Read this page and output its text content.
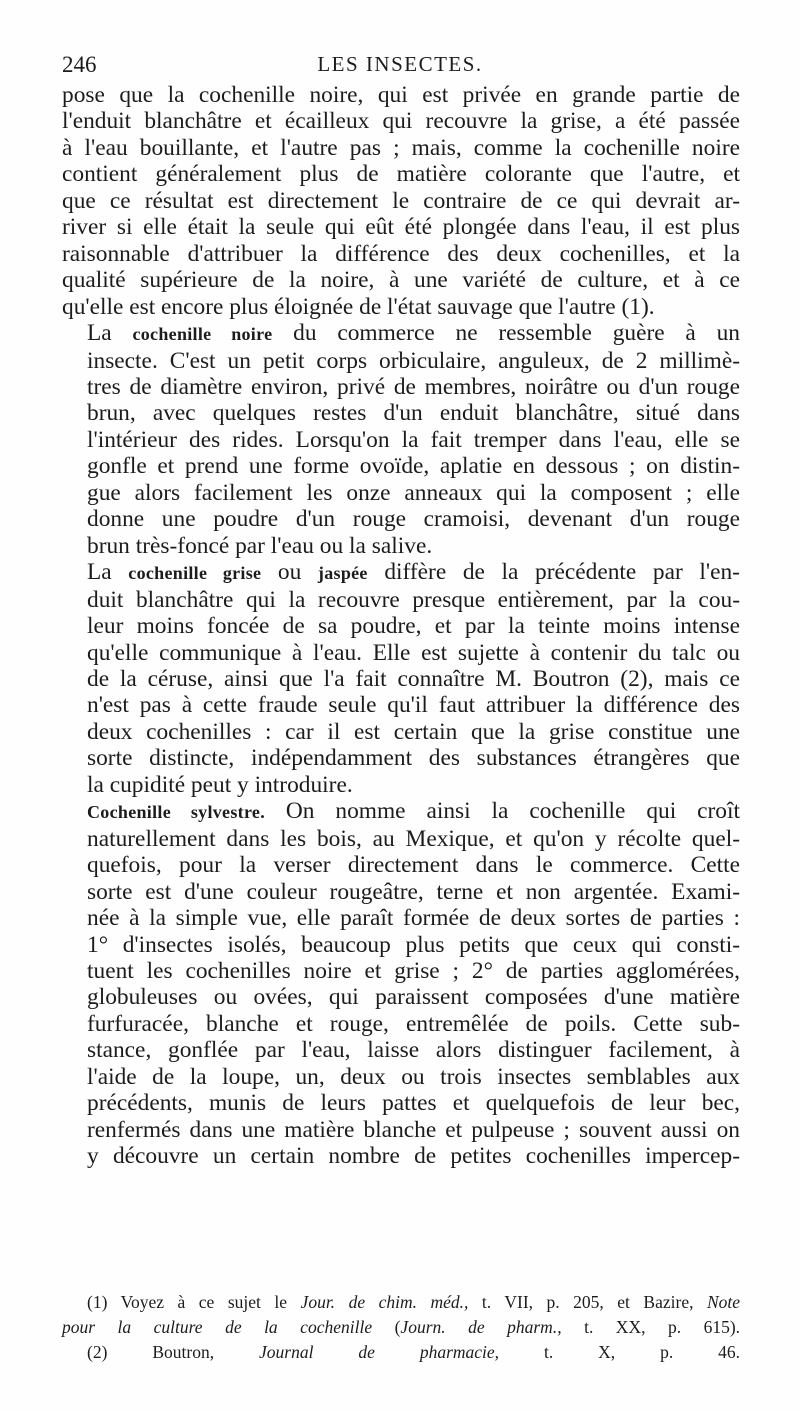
246	LES INSECTES.

pose que la cochenille noire, qui est privée en grande partie de
l'enduit blanchâtre et écailleux qui recouvre la grise, a été passée
à l'eau bouillante, et l'autre pas ; mais, comme la cochenille noire
contient généralement plus de matière colorante que l'autre, et
que ce résultat est directement le contraire de ce qui devrait ar-
river si elle était la seule qui eût été plongée dans l'eau, il est plus
raisonnable d'attribuer la différence des deux cochenilles, et la
qualité supérieure de la noire, à une variété de culture, et à ce
qu'elle est encore plus éloignée de l'état sauvage que l'autre (1).

La cochenille noire du commerce ne ressemble guère à un
insecte. C'est un petit corps orbiculaire, anguleux, de 2 millimè-
tres de diamètre environ, privé de membres, noirâtre ou d'un rouge
brun, avec quelques restes d'un enduit blanchâtre, situé dans
l'intérieur des rides. Lorsqu'on la fait tremper dans l'eau, elle se
gonfle et prend une forme ovoïde, aplatie en dessous ; on distin-
gue alors facilement les onze anneaux qui la composent ; elle
donne une poudre d'un rouge cramoisi, devenant d'un rouge
brun très-foncé par l'eau ou la salive.

La cochenille grise ou jaspée diffère de la précédente par l'en-
duit blanchâtre qui la recouvre presque entièrement, par la cou-
leur moins foncée de sa poudre, et par la teinte moins intense
qu'elle communique à l'eau. Elle est sujette à contenir du talc ou
de la céruse, ainsi que l'a fait connaître M. Boutron (2), mais ce
n'est pas à cette fraude seule qu'il faut attribuer la différence des
deux cochenilles : car il est certain que la grise constitue une
sorte distincte, indépendamment des substances étrangères que
la cupidité peut y introduire.

Cochenille sylvestre. On nomme ainsi la cochenille qui croît
naturellement dans les bois, au Mexique, et qu'on y récolte quel-
quefois, pour la verser directement dans le commerce. Cette
sorte est d'une couleur rougeâtre, terne et non argentée. Exami-
née à la simple vue, elle paraît formée de deux sortes de parties :
1° d'insectes isolés, beaucoup plus petits que ceux qui consti-
tuent les cochenilles noire et grise ; 2° de parties agglomérées,
globuleuses ou ovées, qui paraissent composées d'une matière
furfuracée, blanche et rouge, entremêlée de poils. Cette sub-
stance, gonflée par l'eau, laisse alors distinguer facilement, à
l'aide de la loupe, un, deux ou trois insectes semblables aux
précédents, munis de leurs pattes et quelquefois de leur bec,
renfermés dans une matière blanche et pulpeuse ; souvent aussi on
y découvre un certain nombre de petites cochenilles impercep-

(1) Voyez à ce sujet le Jour. de chim. méd., t. VII, p. 205, et Bazire, Note
pour la culture de la cochenille (Journ. de pharm., t. XX, p. 615).
(2) Boutron,	Journal de pharmacie,	t. X, p. 46.
